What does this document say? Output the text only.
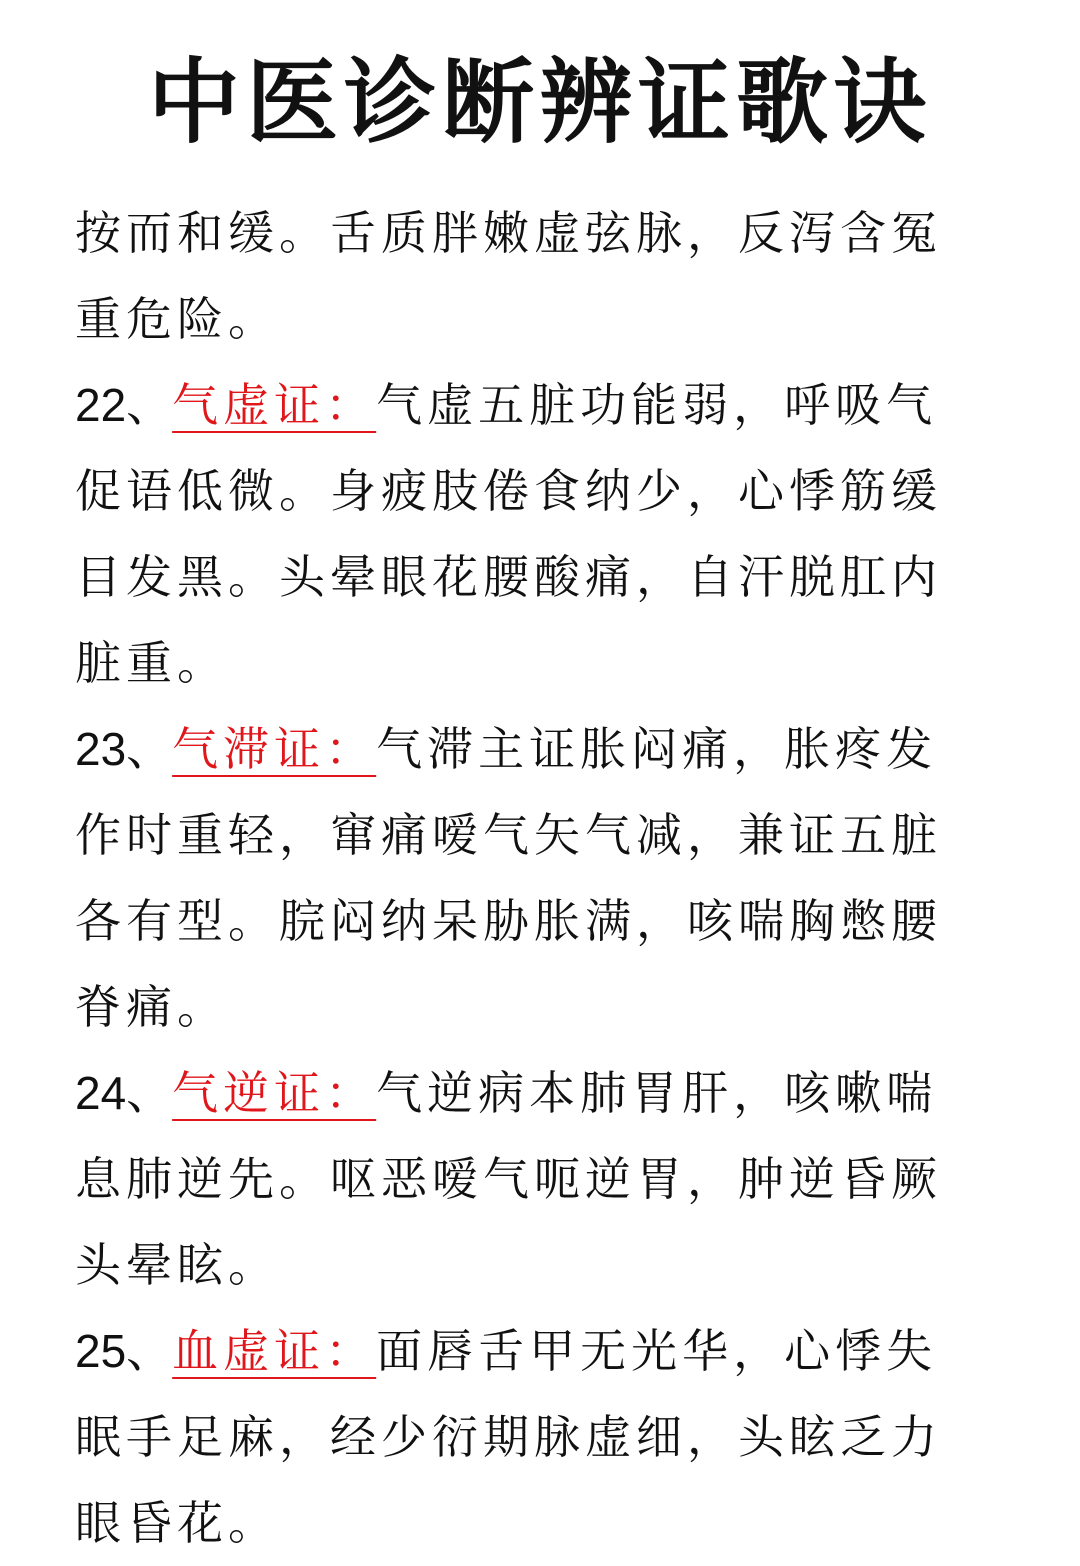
中医诊断辨证歌诀

按而和缓。舌质胖嫩虚弦脉，反泻含冤重危险。

22、气虚证：气虚五脏功能弱，呼吸气促语低微。身疲肢倦食纳少，心悸筋缓目发黑。头晕眼花腰酸痛，自汗脱肛内脏重。

23、气滞证：气滞主证胀闷痛，胀疼发作时重轻，窜痛嗳气矢气减，兼证五脏各有型。脘闷纳呆胁胀满，咳喘胸憋腰脊痛。

24、气逆证：气逆病本肺胃肝，咳嗽喘息肺逆先。呕恶嗳气呃逆胃，肿逆昏厥头晕眩。

25、血虚证：面唇舌甲无光华，心悸失眠手足麻，经少衍期脉虚细，头眩乏力眼昏花。
